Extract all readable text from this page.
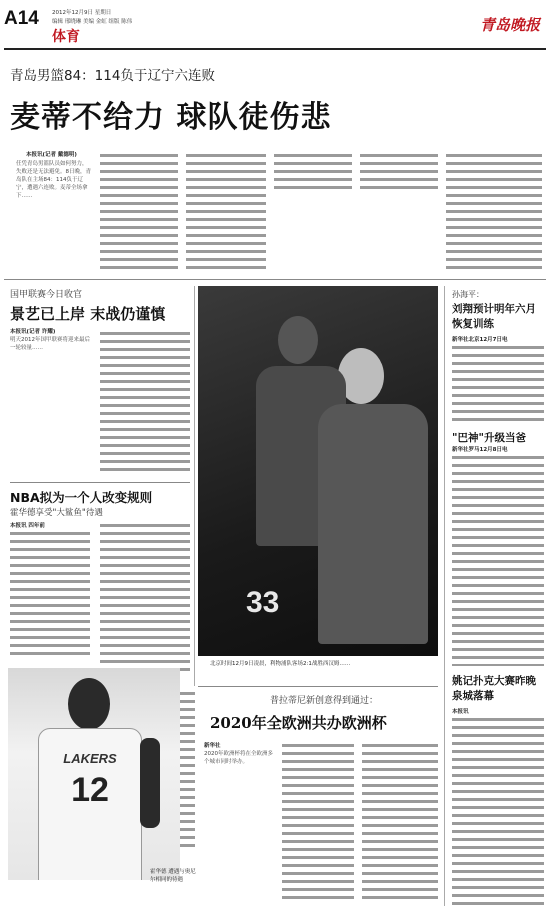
A14 2012年12月9日 星期日
编辑 邢晓琳 美编 金虹 组版 陈伟
体育
青岛晚报
青岛男篮84：114负于辽宁六连败
麦蒂不给力 球队徒伤悲
本报讯(记者 戴德明)
任凭青岛男篮队员如何努力，失败还是无法避免。8日晚，青岛队在主场84：114负于辽宁，遭遇六连败。麦蒂全场拿下……
国甲联赛今日收官
景艺已上岸 末战仍谨慎
本报讯(记者 许耀)
明天2012年国甲联赛将迎来最后一轮较量……
NBA拟为一个人改变规则
霍华德享受"大鲨鱼"待遇
本报讯 四年前
LAKERS
12
霍华德 遭遇与奥尼尔相同的待遇
33
北京时间12月9日凌晨，利物浦队客场2:1战胜西汉姆……
普拉蒂尼新创意得到通过：
2020年全欧洲共办欧洲杯
新华社
2020年欧洲杯将在全欧洲多个城市同时举办。
孙海平：
刘翔预计明年六月恢复训练
新华社北京12月7日电
"巴神"升级当爸
新华社罗马12月8日电
姚记扑克大赛昨晚泉城落幕
本报讯
